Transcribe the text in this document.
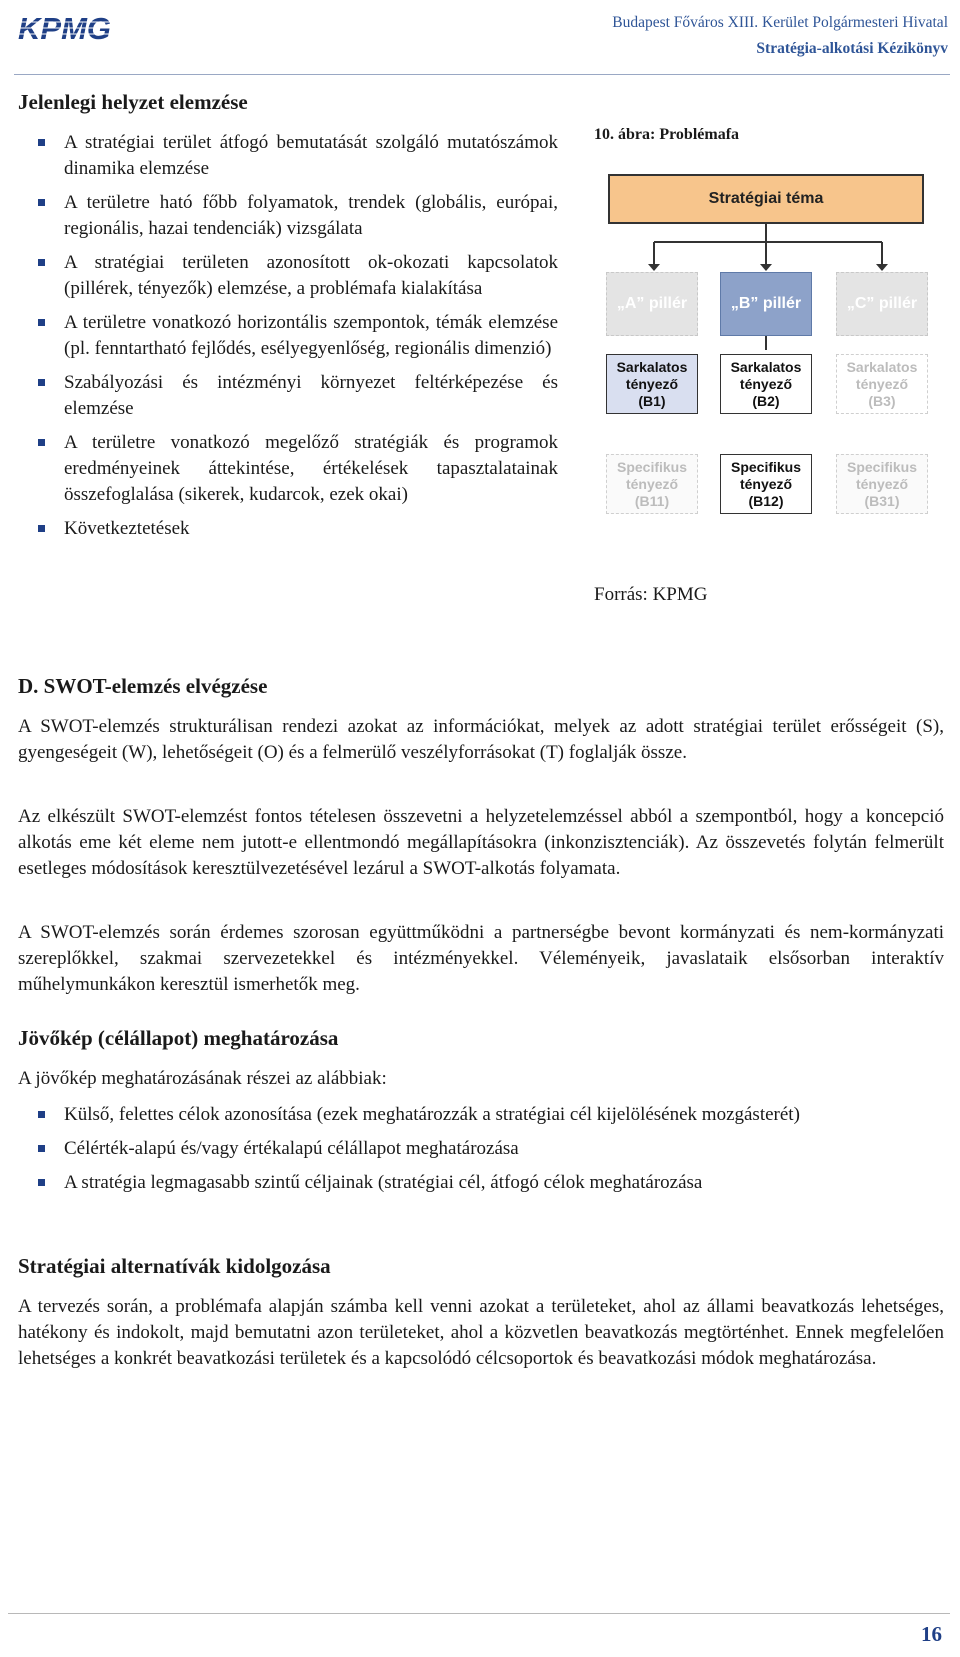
KPMG	Budapest Főváros XIII. Kerület Polgármesteri Hivatal
Stratégia-alkotási Kézikönyv
Jelenlegi helyzet elemzése
A stratégiai terület átfogó bemutatását szolgáló mutatószámok dinamika elemzése
A területre ható főbb folyamatok, trendek (globális, európai, regionális, hazai tendenciák) vizsgálata
A stratégiai területen azonosított ok-okozati kapcsolatok (pillérek, tényezők) elemzése, a problémafa kialakítása
A területre vonatkozó horizontális szempontok, témák elemzése (pl. fenntartható fejlődés, esélyegyenlőség, regionális dimenzió)
Szabályozási és intézményi környezet feltérképezése és elemzése
A területre vonatkozó megelőző stratégiák és programok eredményeinek áttekintése, értékelések tapasztalatainak összefoglalása (sikerek, kudarcok, ezek okai)
Következtetések
10. ábra: Problémafa
Stratégiai téma
„A” pillér	„B” pillér	„C” pillér
Sarkalatos
tényező
(B1)
Sarkalatos
tényező
(B2)
Sarkalatos
tényező
(B3)
Specifikus
tényező
(B11)
Specifikus
tényező
(B12)
Specifikus
tényező
(B31)
Forrás: KPMG
D. SWOT-elemzés elvégzése

A SWOT-elemzés strukturálisan rendezi azokat az információkat, melyek az adott stratégiai terület erősségeit (S), gyengeségeit (W), lehetőségeit (O) és a felmerülő veszélyforrásokat (T) foglalják össze.

Az elkészült SWOT-elemzést fontos tételesen összevetni a helyzetelemzéssel abból a szempontból, hogy a koncepció alkotás eme két eleme nem jutott-e ellentmondó megállapításokra (inkonzisztenciák). Az összevetés folytán felmerült esetleges módosítások keresztülvezetésével lezárul a SWOT-alkotás folyamata.

A SWOT-elemzés során érdemes szorosan együttműködni a partnerségbe bevont kormányzati és nem-kormányzati szereplőkkel, szakmai szervezetekkel és intézményekkel. Véleményeik, javaslataik elsősorban interaktív műhelymunkákon keresztül ismerhetők meg.

Jövőkép (célállapot) meghatározása

A jövőkép meghatározásának részei az alábbiak:

Külső, felettes célok azonosítása (ezek meghatározzák a stratégiai cél kijelölésének mozgásterét)
Célérték-alapú és/vagy értékalapú célállapot meghatározása
A stratégia legmagasabb szintű céljainak (stratégiai cél, átfogó célok meghatározása
Stratégiai alternatívák kidolgozása

A tervezés során, a problémafa alapján számba kell venni azokat a területeket, ahol az állami beavatkozás lehetséges, hatékony és indokolt, majd bemutatni azon területeket, ahol a közvetlen beavatkozás megtörténhet. Ennek megfelelően lehetséges a konkrét beavatkozási területek és a kapcsolódó célcsoportok és beavatkozási módok meghatározása.

16
